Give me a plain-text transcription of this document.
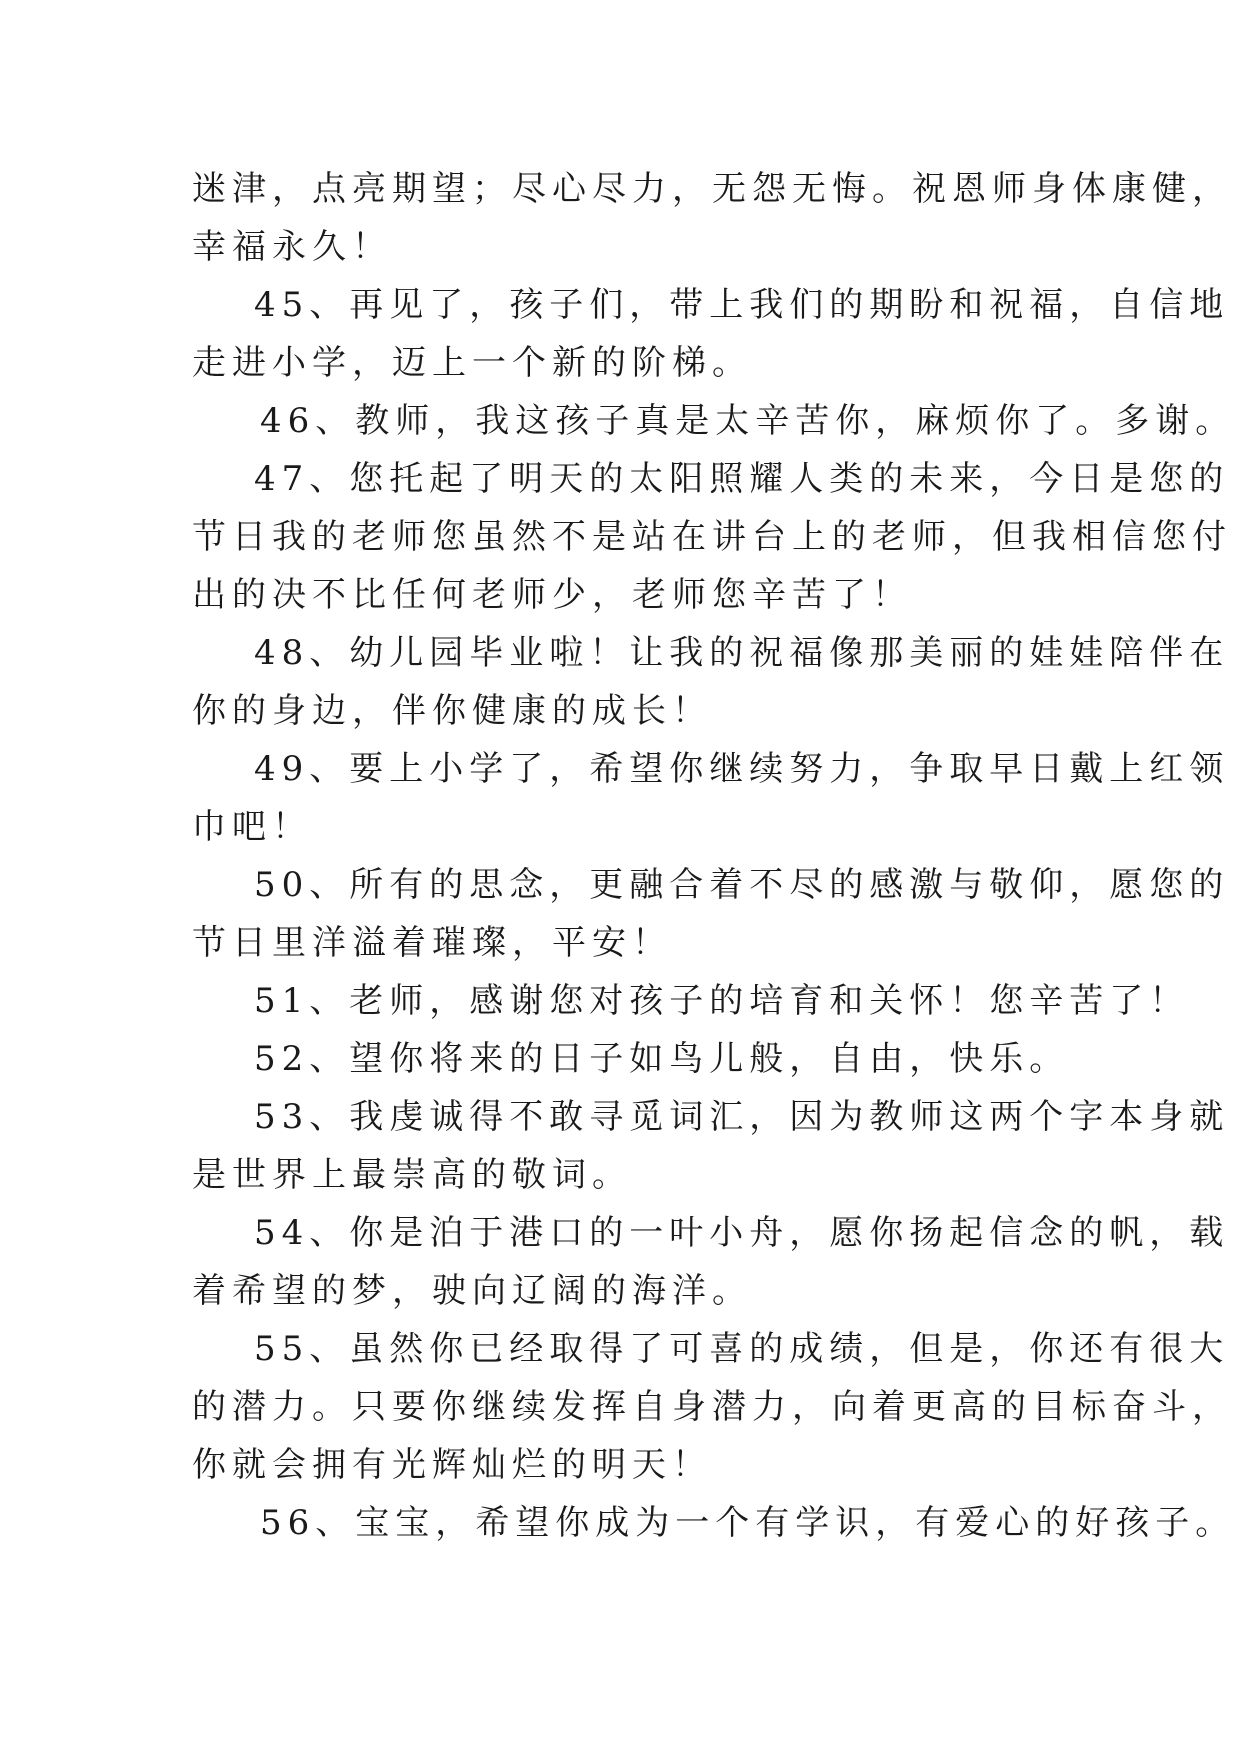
迷津，点亮期望；尽心尽力，无怨无悔。祝恩师身体康健，
幸福永久！
45、再见了，孩子们，带上我们的期盼和祝福，自信地
走进小学，迈上一个新的阶梯。
46、教师，我这孩子真是太辛苦你，麻烦你了。多谢。
47、您托起了明天的太阳照耀人类的未来，今日是您的
节日我的老师您虽然不是站在讲台上的老师，但我相信您付
出的决不比任何老师少，老师您辛苦了！
48、幼儿园毕业啦！让我的祝福像那美丽的娃娃陪伴在
你的身边，伴你健康的成长！
49、要上小学了，希望你继续努力，争取早日戴上红领
巾吧！
50、所有的思念，更融合着不尽的感激与敬仰，愿您的
节日里洋溢着璀璨，平安！
51、老师，感谢您对孩子的培育和关怀！您辛苦了！
52、望你将来的日子如鸟儿般，自由，快乐。
53、我虔诚得不敢寻觅词汇，因为教师这两个字本身就
是世界上最崇高的敬词。
54、你是泊于港口的一叶小舟，愿你扬起信念的帆，载
着希望的梦，驶向辽阔的海洋。
55、虽然你已经取得了可喜的成绩，但是，你还有很大
的潜力。只要你继续发挥自身潜力，向着更高的目标奋斗，
你就会拥有光辉灿烂的明天！
56、宝宝，希望你成为一个有学识，有爱心的好孩子。
